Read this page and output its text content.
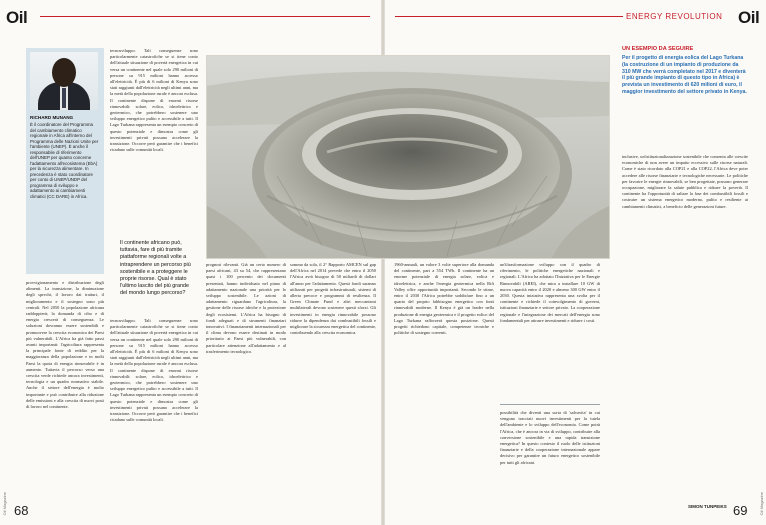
Oil	ENERGY REVOLUTION Oil
RICHARD MUNANG
È il coordinatore del Programma del cambiamento climatico regionale in Africa all'interno del Programma delle Nazioni Unite per l'ambiente (UNEP). È anche il responsabile di riferimento dell'UNEP per quanto concerne l'adattamento all'ecosistema (EbA) per la sicurezza alimentare. In precedenza è stato coordinatore per conto di UNEP/UNDP del programma di sviluppo e adattamento ai cambiamenti climatici (CC DARE) in Africa.
provvigionamento e distribuzione degli alimenti. La transizione, la diminuzione degli sprechi, il lavoro dai tratturi, il miglioramento e il sostegno sono più centrali. Nel 2050 la popolazione africana raddoppierà; la domanda di cibo e di energia crescerà di conseguenza. Le soluzioni dovranno essere sostenibili e promuovere la crescita economica dei Paesi più vulnerabili. L'Africa ha già fatto passi avanti importanti: l'agricoltura rappresenta la principale fonte di reddito per la maggioranza della popolazione e in molti Paesi la quota di energia rinnovabile è in aumento. Tuttavia il percorso verso una crescita verde richiede ancora investimenti, tecnologia e un quadro normativo stabile. Anche il settore dell'energia è molto importante e può contribuire alla riduzione delle emissioni e alla crescita di nuovi posti di lavoro nel continente.
tecnosviluppo. Tali conseguenze sono particolarmente catastrofiche se si tiene conto dell'attuale situazione di povertà energetica in cui versa un continente nel quale solo 290 milioni di persone su 915 milioni hanno accesso all'elettricità. È più di 6 milioni di Kenya sono stati raggiunti dall'elettricità negli ultimi anni, ma la metà della popolazione rurale è ancora esclusa. Il continente dispone di enormi risorse rinnovabili: solare, eolico, idroelettrico e geotermico, che potrebbero sostenere uno sviluppo energetico pulito e accessibile a tutti. Il Lago Turkana rappresenta un esempio concreto di questo potenziale e dimostra come gli investimenti privati possano accelerare la transizione. Occorre però garantire che i benefici ricadano sulle comunità locali.
Il continente africano può, tuttavia, fare di più tramite piattaforme regionali volte a intraprendere un percorso più sostenibile e a proteggere le proprie risorse. Qual è stato l'ultimo lascito del più grande del mondo lungo percorso?
tecnosviluppo. Tali conseguenze sono particolarmente catastrofiche se si tiene conto dell'attuale situazione di povertà energetica in cui versa un continente nel quale solo 290 milioni di persone su 915 milioni hanno accesso all'elettricità. È più di 6 milioni di Kenya sono stati raggiunti dall'elettricità negli ultimi anni, ma la metà della popolazione rurale è ancora esclusa. Il continente dispone di enormi risorse rinnovabili: solare, eolico, idroelettrico e geotermico, che potrebbero sostenere uno sviluppo energetico pulito e accessibile a tutti. Il Lago Turkana rappresenta un esempio concreto di questo potenziale e dimostra come gli investimenti privati possano accelerare la transizione. Occorre però garantire che i benefici ricadano sulle comunità locali.
prognosi rilevanti. Già un certo numero di paesi africani, 43 su 54, che rappresentano quasi i 100 percento dei documenti presentati, hanno individuato nel piano di adattamento nazionale una priorità per lo sviluppo sostenibile. Le azioni di adattamento riguardano l'agricoltura, la gestione delle risorse idriche e la protezione degli ecosistemi. L'Africa ha bisogno di fondi adeguati e di strumenti finanziari innovativi. I finanziamenti internazionali per il clima devono essere destinati in modo prioritario ai Paesi più vulnerabili, con particolare attenzione all'adattamento e al trasferimento tecnologico.
somma da sola, il 2° Rapporto AMCEN sul gap dell'Africa nel 2014 prevede che entro il 2050 l'Africa avrà bisogno di 50 miliardi di dollari all'anno per l'adattamento. Questi fondi saranno utilizzati per progetti infrastrutturali, sistemi di allerta precoce e programmi di resilienza. Il Green Climate Fund e altri meccanismi multilaterali devono sostenere questi sforzi. Gli investimenti in energia rinnovabile possono ridurre la dipendenza dai combustibili fossili e migliorare la sicurezza energetica del continente, contribuendo alla crescita economica.
1960-annuali, un valore 3 volte superiore alla domanda del continente, pari a 554 TWh. Il continente ha un enorme potenziale di energia solare, eolica e idroelettrica, e anche l'energia geotermica nella Rift Valley offre opportunità importanti. Secondo le stime, entro il 2030 l'Africa potrebbe soddisfare fino a un quarto del proprio fabbisogno energetico con fonti rinnovabili moderne. Il Kenya è già un leader nella produzione di energia geotermica e il progetto eolico del Lago Turkana rafforzerà questa posizione. Questi progetti richiedono capitale, competenze tecniche e politiche di sostegno coerenti.
un'iltrasformazione sviluppo con il quadro di riferimento, le politiche energetiche nazionali e regionali. L'Africa ha adottato l'Iniziativa per le Energie Rinnovabili (AREI), che mira a installare 10 GW di nuova capacità entro il 2020 e almeno 300 GW entro il 2030. Questa iniziativa rappresenta una svolta per il continente e richiede il coinvolgimento di governi, istituzioni finanziarie e settore privato. La cooperazione regionale e l'integrazione dei mercati dell'energia sono fondamentali per attrarre investimenti e ridurre i costi.
possibilità che diventi una sorta di 'salvavita' in cui vengono tracciati nuovi investimenti per la tutela dell'ambiente e lo sviluppo dell'economia. Come potrà l'Africa, che è ancora in via di sviluppo, contribuire alla conversione sostenibile e una rapida transizione energetica? In questo contesto il ruolo delle istituzioni finanziarie e della cooperazione internazionale appare decisivo per garantire un futuro energetico sostenibile per tutti gli africani.
inclusive, un'istituzionalizzazione sostenibile che consenta alle crescite economiche di non avere un impatto eccessivo sulle risorse naturali. Come è stato ricordato alla COP21 e alla COP22, l'Africa deve poter accedere alle risorse finanziarie e tecnologiche necessarie. Le politiche per favorire le energie rinnovabili, se ben progettate, possono generare occupazione, migliorare la salute pubblica e ridurre la povertà. Il continente ha l'opportunità di saltare la fase dei combustibili fossili e costruire un sistema energetico moderno, pulito e resiliente ai cambiamenti climatici, a beneficio delle generazioni future.
UN ESEMPIO DA SEGUIRE
Per il progetto di energia eolica del Lago Turkana (la costruzione di un impianto di produzione da 310 MW che verrà completato nel 2017 e diventerà il più grande impianto di questo tipo in Africa) è prevista un investimento di 620 milioni di euro, il maggior investimento del settore privato in Kenya.
SIMON TUNPEIKS
Oil Magazine 68	69	Oil Magazine
